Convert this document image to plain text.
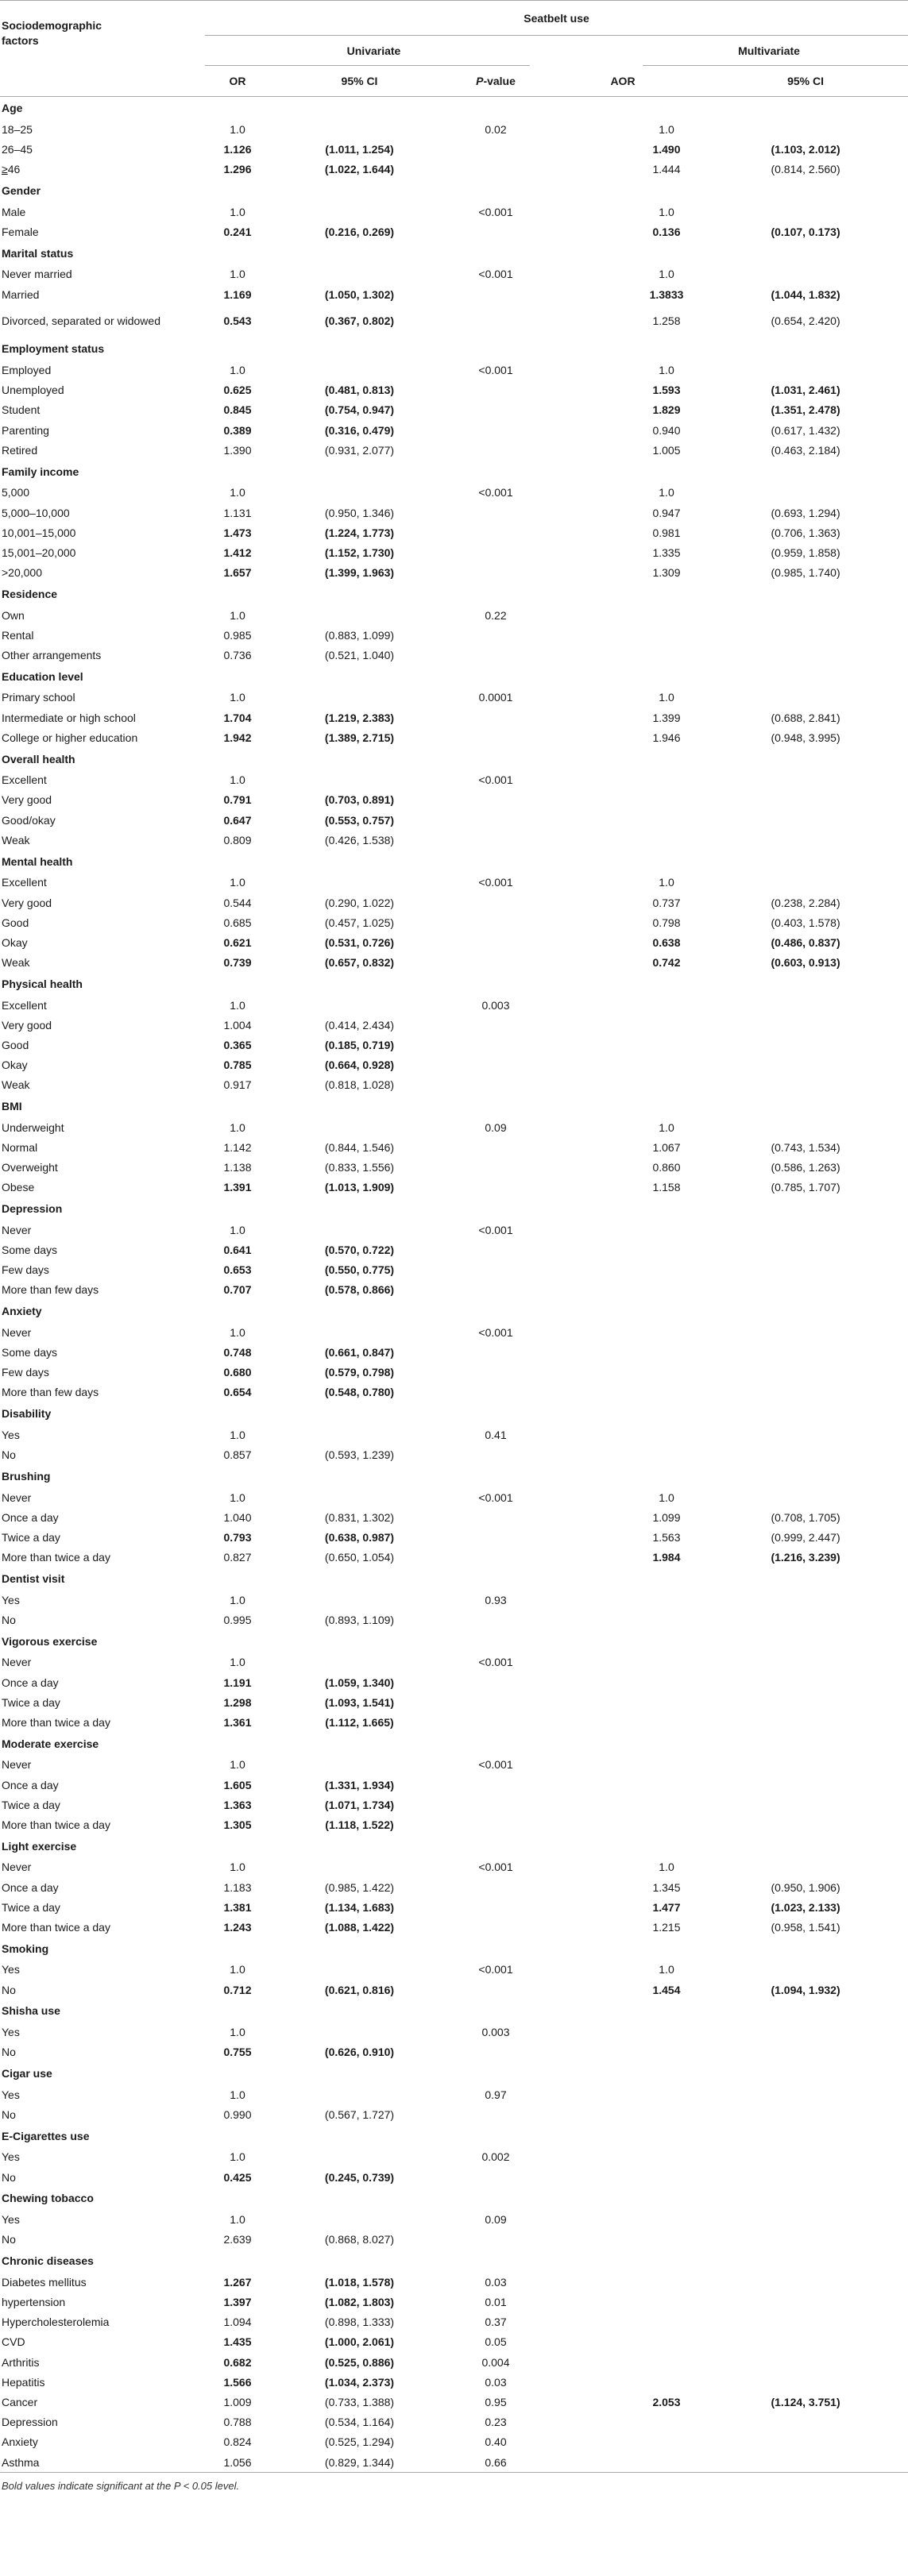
Sociodemographic
factors	Seatbelt use					

	Univariate				Multivariate	
	OR	95% CI	P-value	AOR		95% CI
Age						
18–25	1.0		0.02		1.0	
26–45	1.126	(1.011, 1.254)			1.490	(1.103, 2.012)
≥46	1.296	(1.022, 1.644)			1.444	(0.814, 2.560)
Gender						
Male	1.0		<0.001		1.0	
Female	0.241	(0.216, 0.269)			0.136	(0.107, 0.173)
Marital status						
Never married	1.0		<0.001		1.0	
Married	1.169	(1.050, 1.302)			1.3833	(1.044, 1.832)
Divorced, separated or widowed	0.543	(0.367, 0.802)			1.258	(0.654, 2.420)
Employment status						
Employed	1.0		<0.001		1.0	
Unemployed	0.625	(0.481, 0.813)			1.593	(1.031, 2.461)
Student	0.845	(0.754, 0.947)			1.829	(1.351, 2.478)
Parenting	0.389	(0.316, 0.479)			0.940	(0.617, 1.432)
Retired	1.390	(0.931, 2.077)			1.005	(0.463, 2.184)
Family income						
5,000	1.0		<0.001		1.0	
5,000–10,000	1.131	(0.950, 1.346)			0.947	(0.693, 1.294)
10,001–15,000	1.473	(1.224, 1.773)			0.981	(0.706, 1.363)
15,001–20,000	1.412	(1.152, 1.730)			1.335	(0.959, 1.858)
>20,000	1.657	(1.399, 1.963)			1.309	(0.985, 1.740)
Residence						
Own	1.0		0.22			
Rental	0.985	(0.883, 1.099)				
Other arrangements	0.736	(0.521, 1.040)				
Education level						
Primary school	1.0		0.0001		1.0	
Intermediate or high school	1.704	(1.219, 2.383)			1.399	(0.688, 2.841)
College or higher education	1.942	(1.389, 2.715)			1.946	(0.948, 3.995)
Overall health						
Excellent	1.0		<0.001			
Very good	0.791	(0.703, 0.891)				
Good/okay	0.647	(0.553, 0.757)				
Weak	0.809	(0.426, 1.538)				
Mental health						
Excellent	1.0		<0.001		1.0	
Very good	0.544	(0.290, 1.022)			0.737	(0.238, 2.284)
Good	0.685	(0.457, 1.025)			0.798	(0.403, 1.578)
Okay	0.621	(0.531, 0.726)			0.638	(0.486, 0.837)
Weak	0.739	(0.657, 0.832)			0.742	(0.603, 0.913)
Physical health						
Excellent	1.0		0.003			
Very good	1.004	(0.414, 2.434)				
Good	0.365	(0.185, 0.719)				
Okay	0.785	(0.664, 0.928)				
Weak	0.917	(0.818, 1.028)				
BMI						
Underweight	1.0		0.09		1.0	
Normal	1.142	(0.844, 1.546)			1.067	(0.743, 1.534)
Overweight	1.138	(0.833, 1.556)			0.860	(0.586, 1.263)
Obese	1.391	(1.013, 1.909)			1.158	(0.785, 1.707)
Depression						
Never	1.0		<0.001			
Some days	0.641	(0.570, 0.722)				
Few days	0.653	(0.550, 0.775)				
More than few days	0.707	(0.578, 0.866)				
Anxiety						
Never	1.0		<0.001			
Some days	0.748	(0.661, 0.847)				
Few days	0.680	(0.579, 0.798)				
More than few days	0.654	(0.548, 0.780)				
Disability						
Yes	1.0		0.41			
No	0.857	(0.593, 1.239)				
Brushing						
Never	1.0		<0.001		1.0	
Once a day	1.040	(0.831, 1.302)			1.099	(0.708, 1.705)
Twice a day	0.793	(0.638, 0.987)			1.563	(0.999, 2.447)
More than twice a day	0.827	(0.650, 1.054)			1.984	(1.216, 3.239)
Dentist visit						
Yes	1.0		0.93			
No	0.995	(0.893, 1.109)				
Vigorous exercise						
Never	1.0		<0.001			
Once a day	1.191	(1.059, 1.340)				
Twice a day	1.298	(1.093, 1.541)				
More than twice a day	1.361	(1.112, 1.665)				
Moderate exercise						
Never	1.0		<0.001			
Once a day	1.605	(1.331, 1.934)				
Twice a day	1.363	(1.071, 1.734)				
More than twice a day	1.305	(1.118, 1.522)				
Light exercise						
Never	1.0		<0.001		1.0	
Once a day	1.183	(0.985, 1.422)			1.345	(0.950, 1.906)
Twice a day	1.381	(1.134, 1.683)			1.477	(1.023, 2.133)
More than twice a day	1.243	(1.088, 1.422)			1.215	(0.958, 1.541)
Smoking						
Yes	1.0		<0.001		1.0	
No	0.712	(0.621, 0.816)			1.454	(1.094, 1.932)
Shisha use						
Yes	1.0		0.003			
No	0.755	(0.626, 0.910)				
Cigar use						
Yes	1.0		0.97			
No	0.990	(0.567, 1.727)				
E-Cigarettes use						
Yes	1.0		0.002			
No	0.425	(0.245, 0.739)				
Chewing tobacco						
Yes	1.0		0.09			
No	2.639	(0.868, 8.027)				
Chronic diseases						
Diabetes mellitus	1.267	(1.018, 1.578)	0.03			
hypertension	1.397	(1.082, 1.803)	0.01			
Hypercholesterolemia	1.094	(0.898, 1.333)	0.37			
CVD	1.435	(1.000, 2.061)	0.05			
Arthritis	0.682	(0.525, 0.886)	0.004			
Hepatitis	1.566	(1.034, 2.373)	0.03			
Cancer	1.009	(0.733, 1.388)	0.95		2.053	(1.124, 3.751)
Depression	0.788	(0.534, 1.164)	0.23			
Anxiety	0.824	(0.525, 1.294)	0.40			
Asthma	1.056	(0.829, 1.344)	0.66			
Bold values indicate significant at the P < 0.05 level.
